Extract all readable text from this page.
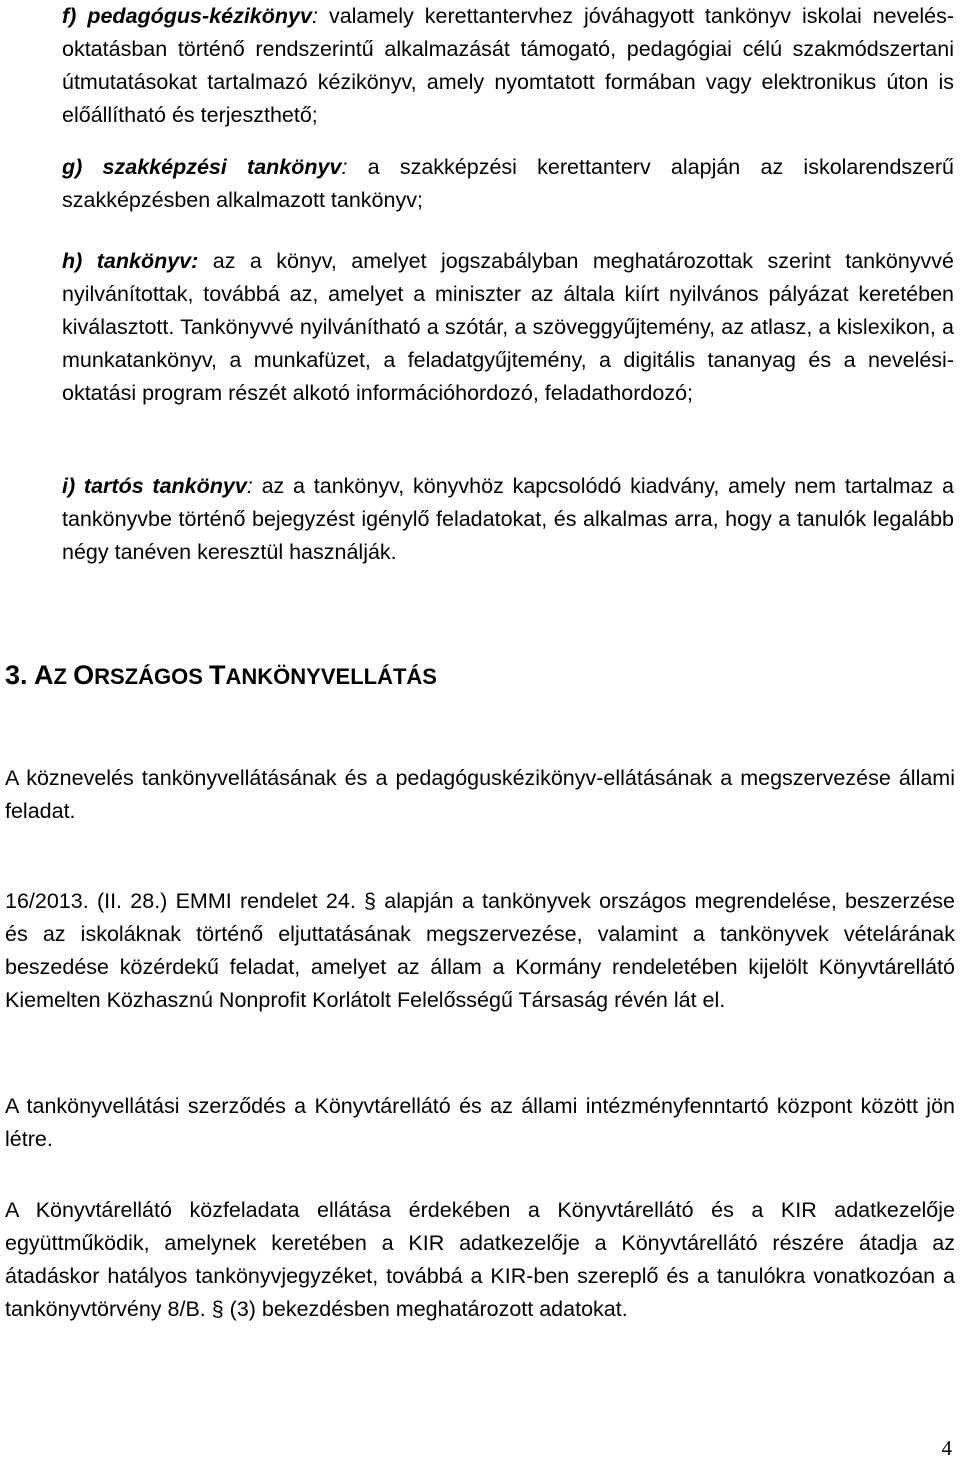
f) pedagógus-kézikönyv: valamely kerettantervhez jóváhagyott tankönyv iskolai nevelés-oktatásban történő rendszerintű alkalmazását támogató, pedagógiai célú szakmódszertani útmutatásokat tartalmazó kézikönyv, amely nyomtatott formában vagy elektronikus úton is előállítható és terjeszthető;

g) szakképzési tankönyv: a szakképzési kerettanterv alapján az iskolarendszerű szakképzésben alkalmazott tankönyv;

h) tankönyv: az a könyv, amelyet jogszabályban meghatározottak szerint tankönyvvé nyilvánítottak, továbbá az, amelyet a miniszter az általa kiírt nyilvános pályázat keretében kiválasztott. Tankönyvvé nyilvánítható a szótár, a szöveggyűjtemény, az atlasz, a kislexikon, a munkatankönyv, a munkafüzet, a feladatgyűjtemény, a digitális tananyag és a nevelési-oktatási program részét alkotó információhordozó, feladathordozó;

i) tartós tankönyv: az a tankönyv, könyvhöz kapcsolódó kiadvány, amely nem tartalmaz a tankönyvbe történő bejegyzést igénylő feladatokat, és alkalmas arra, hogy a tanulók legalább négy tanéven keresztül használják.

3. AZ ORSZÁGOS TANKÖNYVELLÁTÁS

A köznevelés tankönyvellátásának és a pedagóguskézikönyv-ellátásának a megszervezése állami feladat.

16/2013. (II. 28.) EMMI rendelet 24. § alapján a tankönyvek országos megrendelése, beszerzése és az iskoláknak történő eljuttatásának megszervezése, valamint a tankönyvek vételárának beszedése közérdekű feladat, amelyet az állam a Kormány rendeletében kijelölt Könyvtárellátó Kiemelten Közhasznú Nonprofit Korlátolt Felelősségű Társaság révén lát el.

A tankönyvellátási szerződés a Könyvtárellátó és az állami intézményfenntartó központ között jön létre.

A Könyvtárellátó közfeladata ellátása érdekében a Könyvtárellátó és a KIR adatkezelője együttműködik, amelynek keretében a KIR adatkezelője a Könyvtárellátó részére átadja az átadáskor hatályos tankönyvjegyzéket, továbbá a KIR-ben szereplő és a tanulókra vonatkozóan a tankönyvtörvény 8/B. § (3) bekezdésben meghatározott adatokat.

4
